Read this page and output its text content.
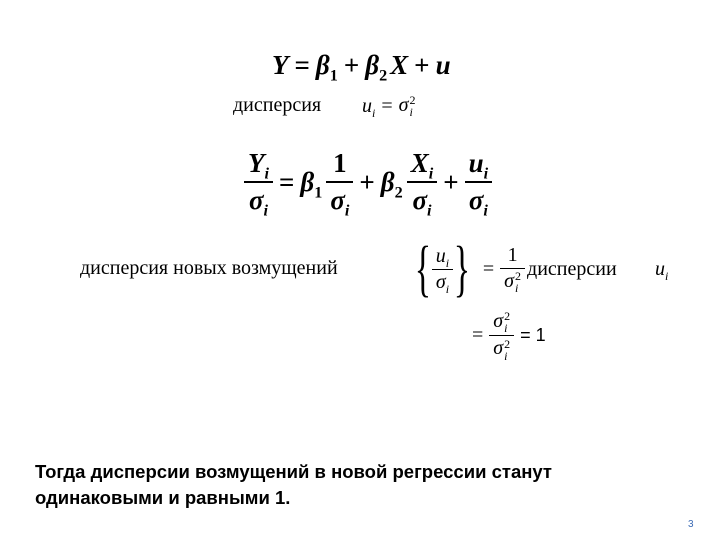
$Y = \beta_1 + \beta_2$ X + u
дисперсия $u_i = \sigma$ 2
i
$\frac{Y_i}{\sigma_i} = \beta_1 \frac{1}{\sigma_i} + \beta_2 \frac{X_i}{\sigma_i} + \frac{u_i}{\sigma_i}$
дисперсия новых возмущений { $\frac{u_i}{\sigma_i}$ } = 1
σ 2
i дисперсии $u_i$
= σ 2
i
σ 2
i = 1
Тогда дисперсии возмущений в новой регрессии станут
одинаковыми и равными 1.
3
